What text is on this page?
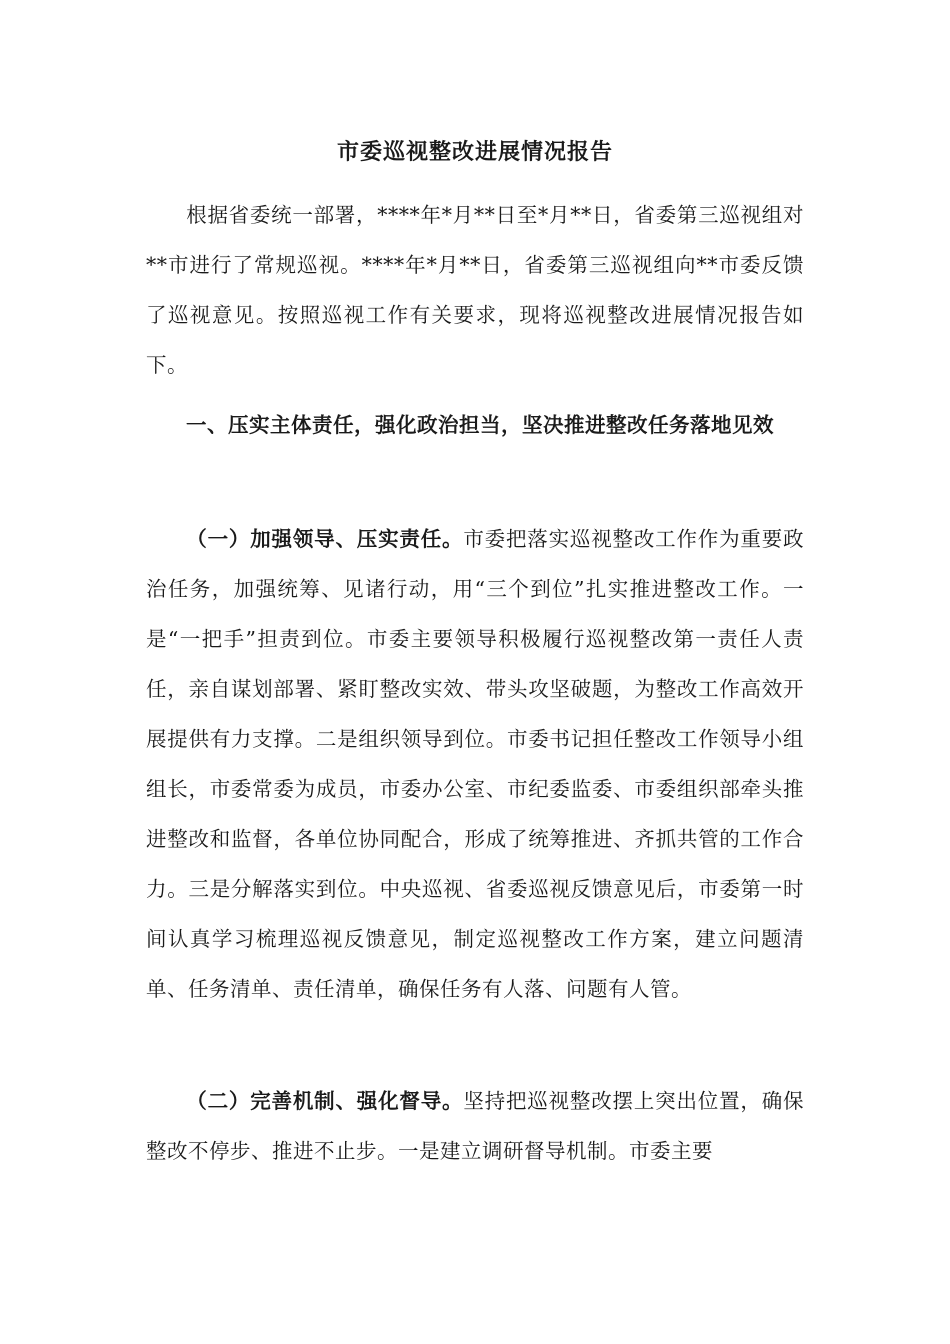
市委巡视整改进展情况报告
根据省委统一部署，****年*月**日至*月**日，省委第三巡视组对**市进行了常规巡视。****年*月**日，省委第三巡视组向**市委反馈了巡视意见。按照巡视工作有关要求，现将巡视整改进展情况报告如下。
一、压实主体责任，强化政治担当，坚决推进整改任务落地见效
（一）加强领导、压实责任。市委把落实巡视整改工作作为重要政治任务，加强统筹、见诸行动，用“三个到位”扎实推进整改工作。一是“一把手”担责到位。市委主要领导积极履行巡视整改第一责任人责任，亲自谋划部署、紧盯整改实效、带头攻坚破题，为整改工作高效开展提供有力支撑。二是组织领导到位。市委书记担任整改工作领导小组组长，市委常委为成员，市委办公室、市纪委监委、市委组织部牵头推进整改和监督，各单位协同配合，形成了统筹推进、齐抓共管的工作合力。三是分解落实到位。中央巡视、省委巡视反馈意见后，市委第一时间认真学习梳理巡视反馈意见，制定巡视整改工作方案，建立问题清单、任务清单、责任清单，确保任务有人落、问题有人管。
（二）完善机制、强化督导。坚持把巡视整改摆上突出位置，确保整改不停步、推进不止步。一是建立调研督导机制。市委主要
